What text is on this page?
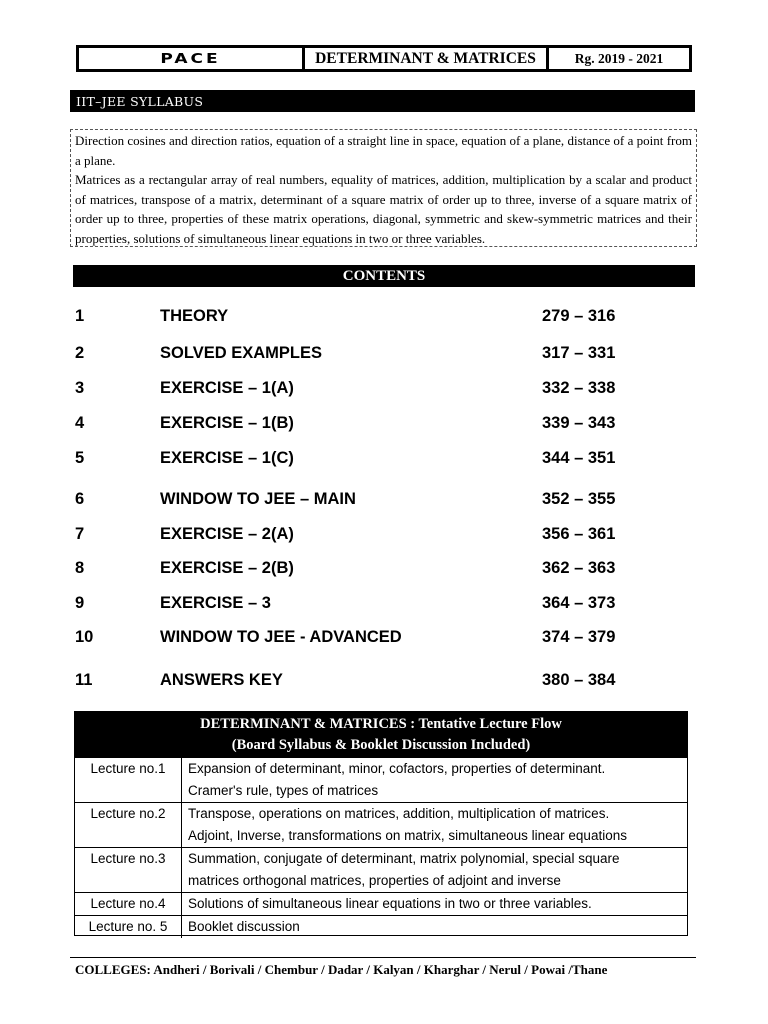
PACE	DETERMINANT & MATRICES	Rg. 2019 - 2021
IIT–JEE SYLLABUS

Direction cosines and direction ratios, equation of a straight line in space, equation of a plane, distance of a point from a plane.

Matrices as a rectangular array of real numbers, equality of matrices, addition, multiplication by a scalar and product of matrices, transpose of a matrix, determinant of a square matrix of order up to three, inverse of a square matrix of order up to three, properties of these matrix operations, diagonal, symmetric and skew-symmetric matrices and their properties, solutions of simultaneous linear equations in two or three variables.

CONTENTS
1	THEORY	279 – 316
2	SOLVED EXAMPLES	317 – 331
3	EXERCISE – 1(A)	332 – 338
4	EXERCISE – 1(B)	339 – 343
5	EXERCISE – 1(C)	344 – 351
6	WINDOW TO JEE – MAIN	352 – 355
7	EXERCISE – 2(A)	356 – 361
8	EXERCISE – 2(B)	362 – 363
9	EXERCISE – 3	364 – 373
10	WINDOW TO JEE - ADVANCED	374 – 379
11	ANSWERS KEY	380 – 384
DETERMINANT & MATRICES : Tentative Lecture Flow
(Board Syllabus & Booklet Discussion Included)
Lecture no.1	Expansion of determinant, minor, cofactors, properties of determinant.
Cramer's rule, types of matrices
Lecture no.2	Transpose, operations on matrices, addition, multiplication of matrices.
Adjoint, Inverse, transformations on matrix, simultaneous linear equations
Lecture no.3	Summation, conjugate of determinant, matrix polynomial, special square
matrices orthogonal matrices, properties of adjoint and inverse
Lecture no.4	Solutions of simultaneous linear equations in two or three variables.
Lecture no. 5	Booklet discussion
COLLEGES: Andheri / Borivali / Chembur / Dadar / Kalyan / Kharghar / Nerul / Powai /Thane
